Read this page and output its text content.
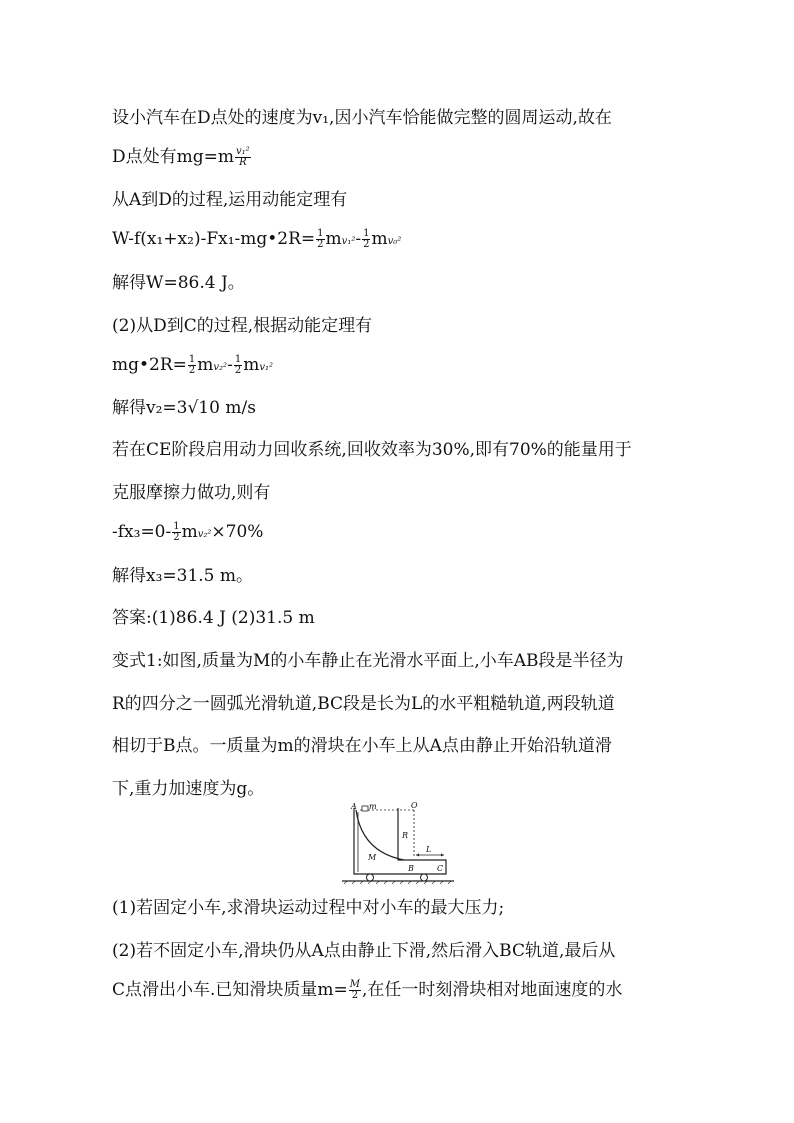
设小汽车在D点处的速度为v₁,因小汽车恰能做完整的圆周运动,故在
D点处有$mg=m \frac{\text{v₁²}}{R}$
从A到D的过程,运用动能定理有
W-f(x₁+x₂)-Fx₁-mg•2R= $\frac{1}{2} mv_1^2- \frac{1}{2} mv_0^2$
解得W=86.4 J。
(2)从D到C的过程,根据动能定理有
mg•2R= $\frac{1}{2} mv_2^2- \frac{1}{2} mv_1^2$
解得v₂=3√10 m/s
若在CE阶段启用动力回收系统,回收效率为30%,即有70%的能量用于
克服摩擦力做功,则有
$-fx_3=0- \frac{1}{2} mv_2^2\times 70\%$
解得x₃=31.5 m。
答案:(1)86.4 J (2)31.5 m
变式1:如图,质量为M的小车静止在光滑水平面上,小车AB段是半径为
R的四分之一圆弧光滑轨道,BC段是长为L的水平粗糙轨道,两段轨道
相切于B点。一质量为m的滑块在小车上从A点由静止开始沿轨道滑
下,重力加速度为g。
A m	O
R
M
L
B	C
(1)若固定小车,求滑块运动过程中对小车的最大压力;
(2)若不固定小车,滑块仍从A点由静止下滑,然后滑入BC轨道,最后从
C点滑出小车.已知滑块质量$m= \frac{M}{2}$ ,在任一时刻滑块相对地面速度的水
